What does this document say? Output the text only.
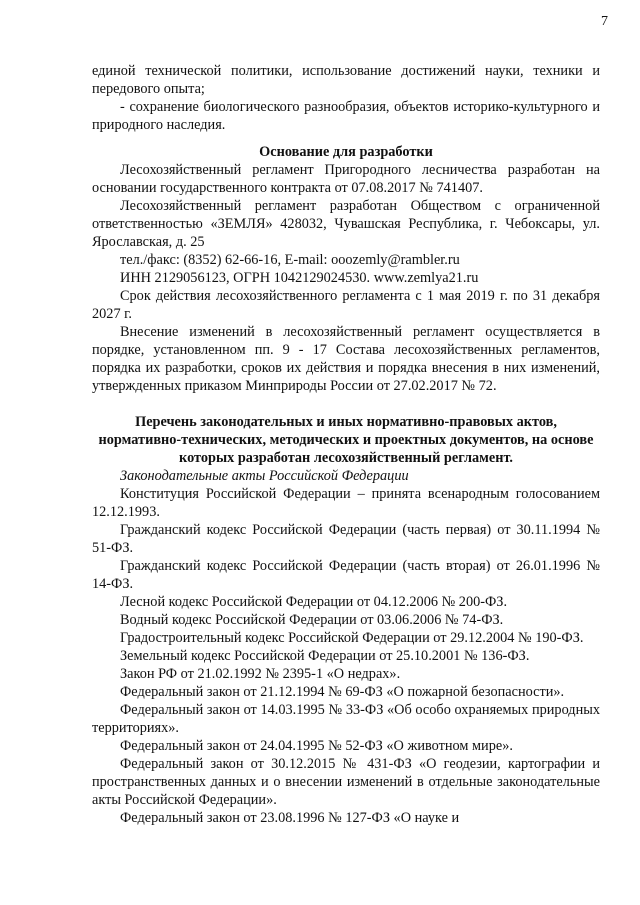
7

единой технической политики, использование достижений науки, техники и передового опыта;

- сохранение биологического разнообразия, объектов историко-культурного и природного наследия.

Основание для разработки

Лесохозяйственный регламент Пригородного лесничества разработан на основании государственного контракта от 07.08.2017 № 741407.

Лесохозяйственный регламент разработан Обществом с ограниченной ответственностью «ЗЕМЛЯ» 428032, Чувашская Республика, г. Чебоксары, ул. Ярославская, д. 25

тел./факс: (8352) 62-66-16, E-mail: ooozemly@rambler.ru

ИНН 2129056123, ОГРН 1042129024530. www.zemlya21.ru

Срок действия лесохозяйственного регламента с 1 мая 2019 г. по 31 декабря 2027 г.

Внесение изменений в лесохозяйственный регламент осуществляется в порядке, установленном пп. 9 - 17 Состава лесохозяйственных регламентов, порядка их разработки, сроков их действия и порядка внесения в них изменений, утвержденных приказом Минприроды России от 27.02.2017 № 72.

Перечень законодательных и иных нормативно-правовых актов, нормативно-технических, методических и проектных документов, на основе которых разработан лесохозяйственный регламент.

Законодательные акты Российской Федерации

Конституция Российской Федерации – принята всенародным голосованием 12.12.1993.

Гражданский кодекс Российской Федерации (часть первая) от 30.11.1994 № 51-ФЗ.

Гражданский кодекс Российской Федерации (часть вторая) от 26.01.1996 № 14-ФЗ.

Лесной кодекс Российской Федерации от 04.12.2006 № 200-ФЗ.

Водный кодекс Российской Федерации от 03.06.2006 № 74-ФЗ.

Градостроительный кодекс Российской Федерации от 29.12.2004 № 190-ФЗ.

Земельный кодекс Российской Федерации от 25.10.2001 № 136-ФЗ.

Закон РФ от 21.02.1992 № 2395-1 «О недрах».

Федеральный закон от 21.12.1994 № 69-ФЗ «О пожарной безопасности».

Федеральный закон от 14.03.1995 № 33-ФЗ «Об особо охраняемых природных территориях».

Федеральный закон от 24.04.1995 № 52-ФЗ «О животном мире».

Федеральный закон от 30.12.2015 № 431-ФЗ «О геодезии, картографии и пространственных данных и о внесении изменений в отдельные законодательные акты Российской Федерации».

Федеральный закон от 23.08.1996 № 127-ФЗ «О науке и
